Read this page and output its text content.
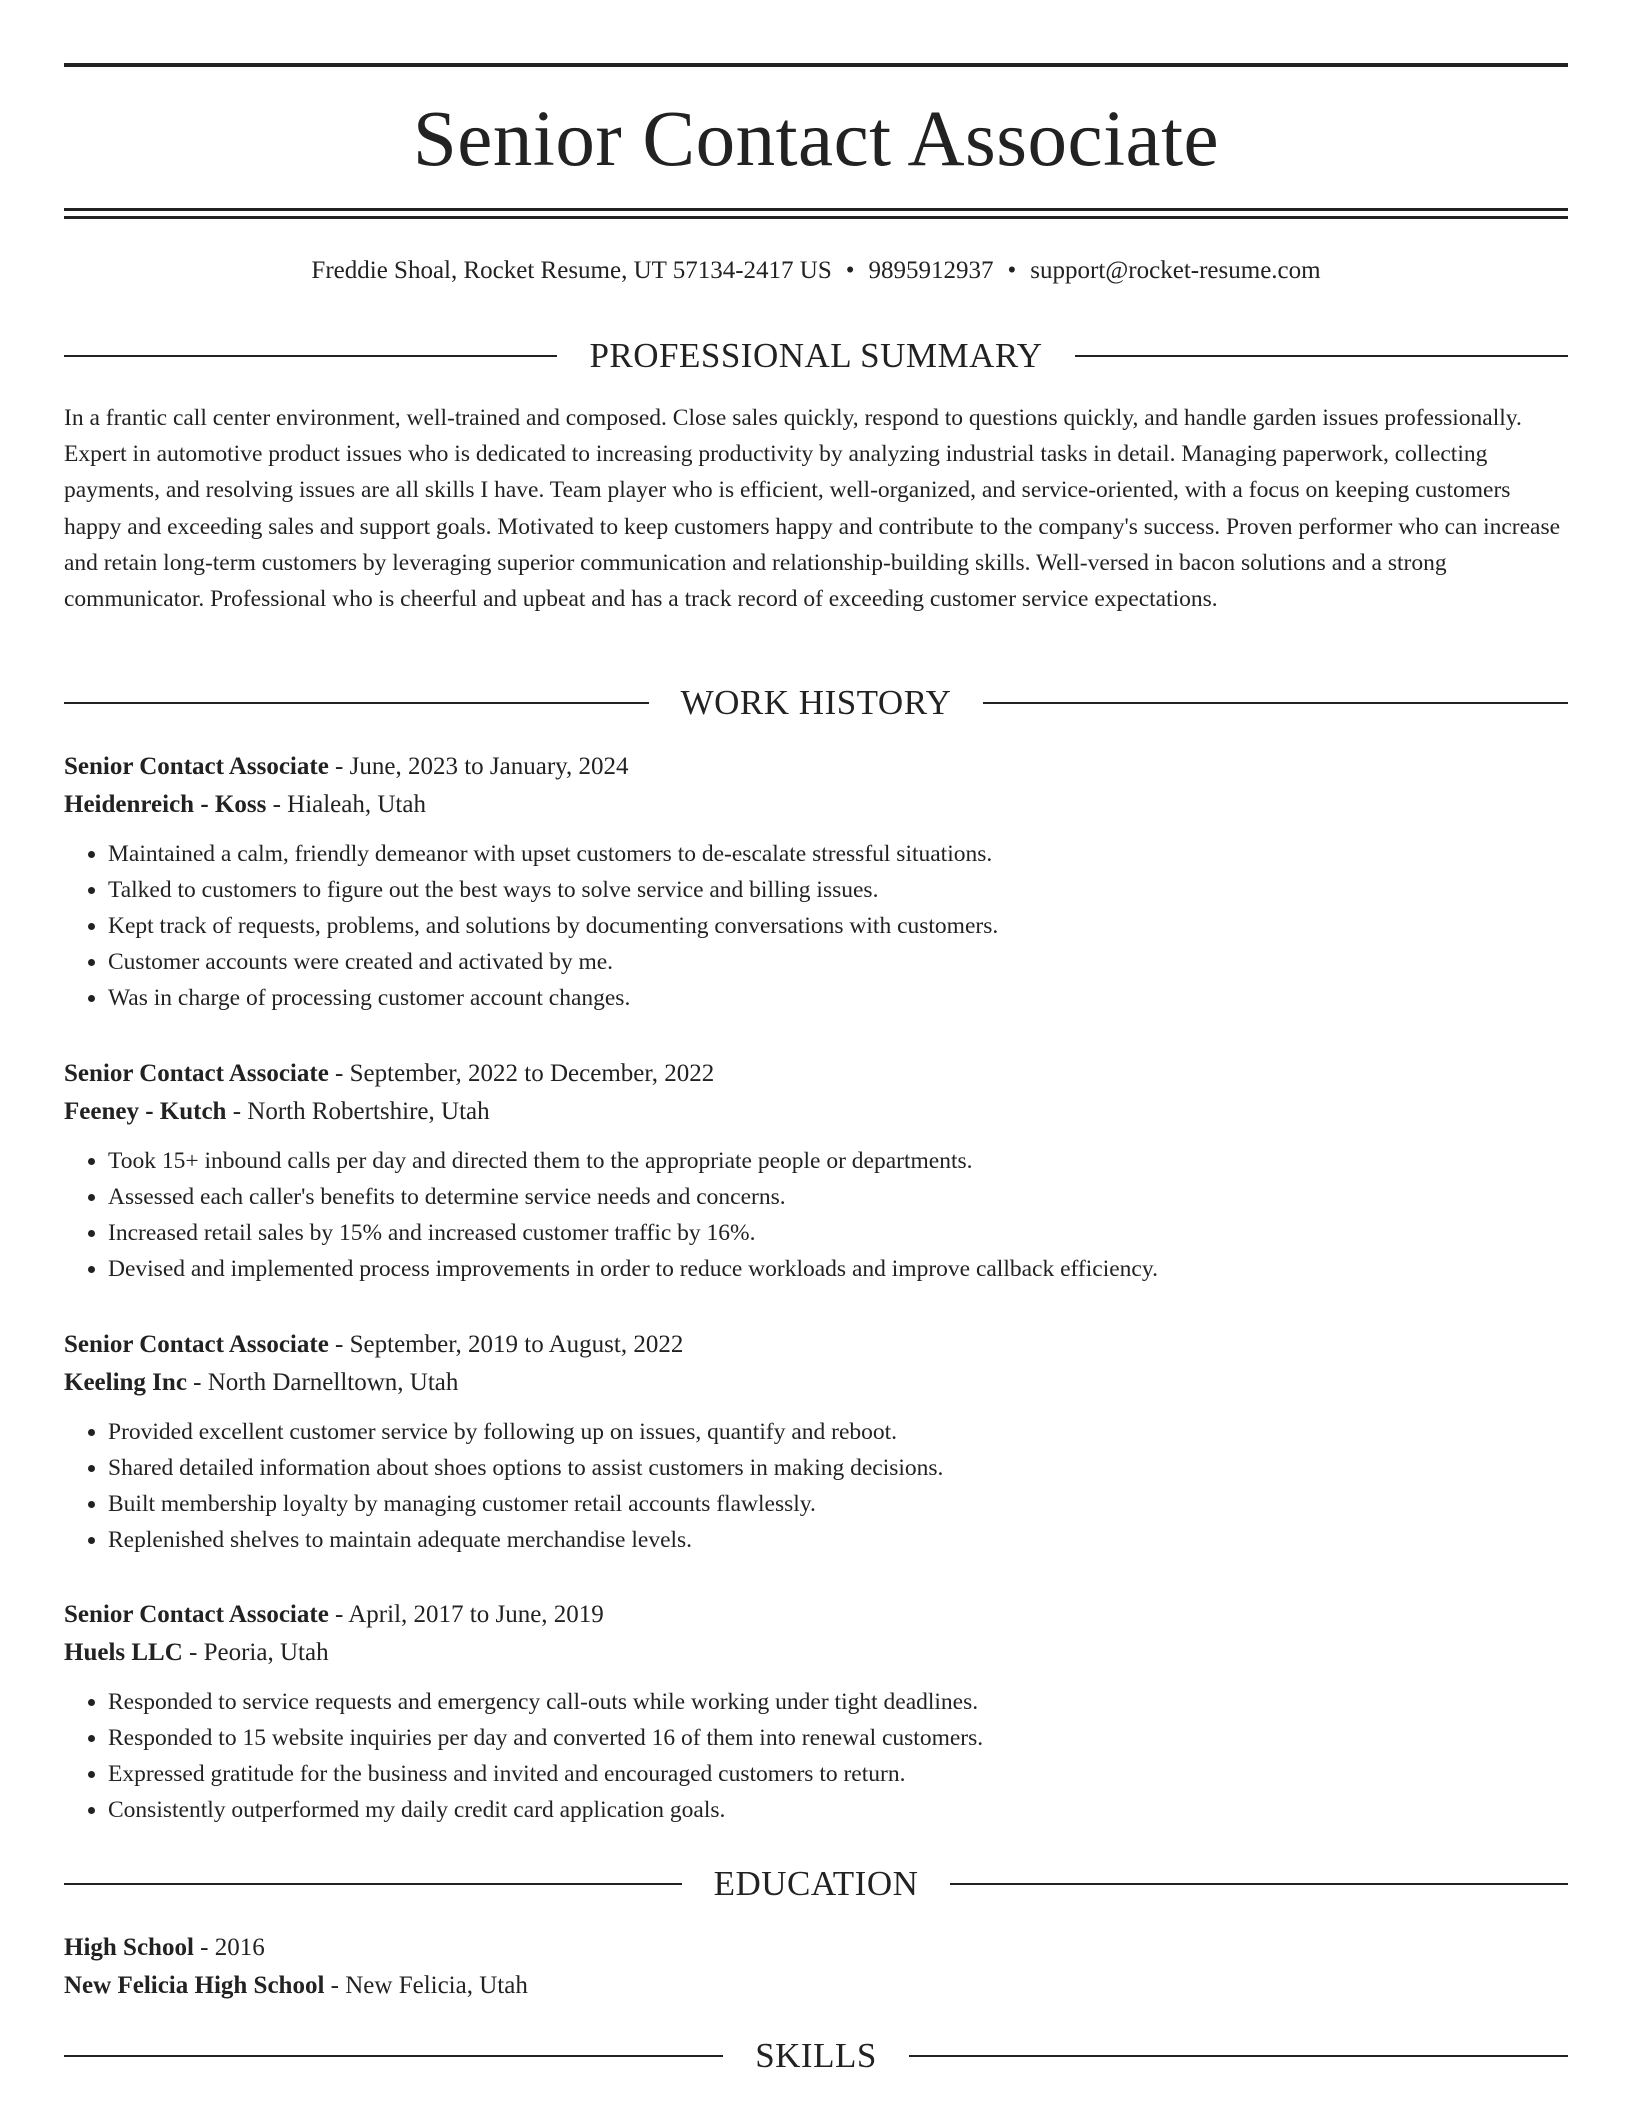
Senior Contact Associate
Freddie Shoal, Rocket Resume, UT 57134-2417 US • 9895912937 • support@rocket-resume.com
PROFESSIONAL SUMMARY
In a frantic call center environment, well-trained and composed. Close sales quickly, respond to questions quickly, and handle garden issues professionally. Expert in automotive product issues who is dedicated to increasing productivity by analyzing industrial tasks in detail. Managing paperwork, collecting payments, and resolving issues are all skills I have. Team player who is efficient, well-organized, and service-oriented, with a focus on keeping customers happy and exceeding sales and support goals. Motivated to keep customers happy and contribute to the company's success. Proven performer who can increase and retain long-term customers by leveraging superior communication and relationship-building skills. Well-versed in bacon solutions and a strong communicator. Professional who is cheerful and upbeat and has a track record of exceeding customer service expectations.
WORK HISTORY
Senior Contact Associate - June, 2023 to January, 2024
Heidenreich - Koss - Hialeah, Utah
• Maintained a calm, friendly demeanor with upset customers to de-escalate stressful situations.
• Talked to customers to figure out the best ways to solve service and billing issues.
• Kept track of requests, problems, and solutions by documenting conversations with customers.
• Customer accounts were created and activated by me.
• Was in charge of processing customer account changes.
Senior Contact Associate - September, 2022 to December, 2022
Feeney - Kutch - North Robertshire, Utah
• Took 15+ inbound calls per day and directed them to the appropriate people or departments.
• Assessed each caller's benefits to determine service needs and concerns.
• Increased retail sales by 15% and increased customer traffic by 16%.
• Devised and implemented process improvements in order to reduce workloads and improve callback efficiency.
Senior Contact Associate - September, 2019 to August, 2022
Keeling Inc - North Darnelltown, Utah
• Provided excellent customer service by following up on issues, quantify and reboot.
• Shared detailed information about shoes options to assist customers in making decisions.
• Built membership loyalty by managing customer retail accounts flawlessly.
• Replenished shelves to maintain adequate merchandise levels.
Senior Contact Associate - April, 2017 to June, 2019
Huels LLC - Peoria, Utah
• Responded to service requests and emergency call-outs while working under tight deadlines.
• Responded to 15 website inquiries per day and converted 16 of them into renewal customers.
• Expressed gratitude for the business and invited and encouraged customers to return.
• Consistently outperformed my daily credit card application goals.
EDUCATION
High School - 2016
New Felicia High School - New Felicia, Utah
SKILLS
